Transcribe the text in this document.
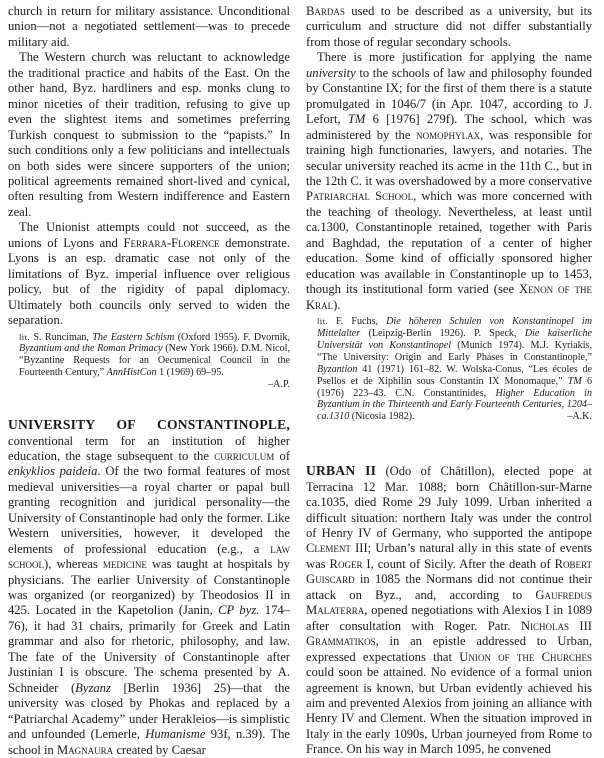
church in return for military assistance. Unconditional union—not a negotiated settlement—was to precede military aid.

The Western church was reluctant to acknowledge the traditional practice and habits of the East. On the other hand, Byz. hardliners and esp. monks clung to minor niceties of their tradition, refusing to give up even the slightest items and sometimes preferring Turkish conquest to submission to the “papists.” In such conditions only a few politicians and intellectuals on both sides were sincere supporters of the union; political agreements remained short-lived and cynical, often resulting from Western indifference and Eastern zeal.

The Unionist attempts could not succeed, as the unions of Lyons and Ferrara-Florence demonstrate. Lyons is an esp. dramatic case not only of the limitations of Byz. imperial influence over religious policy, but of the rigidity of papal diplomacy. Ultimately both councils only served to widen the separation.

lit. S. Runciman, The Eastern Schism (Oxford 1955). F. Dvornik, Byzantium and the Roman Primacy (New York 1966). D.M. Nicol, “Byzantine Requests for an Oecumenical Council in the Fourteenth Century,” AnnHistCon 1 (1969) 69–95.

–A.P.

UNIVERSITY OF CONSTANTINOPLE, conventional term for an institution of higher education, the stage subsequent to the curriculum of enkyklios paideia. Of the two formal features of most medieval universities—a royal charter or papal bull granting recognition and juridical personality—the University of Constantinople had only the former. Like Western universities, however, it developed the elements of professional education (e.g., a law school), whereas medicine was taught at hospitals by physicians. The earlier University of Constantinople was organized (or reorganized) by Theodosios II in 425. Located in the Kapetolion (Janin, CP byz. 174–76), it had 31 chairs, primarily for Greek and Latin grammar and also for rhetoric, philosophy, and law. The fate of the University of Constantinople after Justinian I is obscure. The schema presented by A. Schneider (Byzanz [Berlin 1936] 25)—that the university was closed by Phokas and replaced by a “Patriarchal Academy” under Herakleios—is simplistic and unfounded (Lemerle, Humanisme 93f, n.39). The school in Magnaura created by Caesar

Bardas used to be described as a university, but its curriculum and structure did not differ substantially from those of regular secondary schools.

There is more justification for applying the name university to the schools of law and philosophy founded by Constantine IX; for the first of them there is a statute promulgated in 1046/7 (in Apr. 1047, according to J. Lefort, TM 6 [1976] 279f). The school, which was administered by the nomophylax, was responsible for training high functionaries, lawyers, and notaries. The secular university reached its acme in the 11th C., but in the 12th C. it was overshadowed by a more conservative Patriarchal School, which was more concerned with the teaching of theology. Nevertheless, at least until ca.1300, Constantinople retained, together with Paris and Baghdad, the reputation of a center of higher education. Some kind of officially sponsored higher education was available in Constantinople up to 1453, though its institutional form varied (see Xenon of the Kral).

lit. F. Fuchs, Die höheren Schulen von Konstantinopel im Mittelalter (Leipzig-Berlin 1926). P. Speck, Die kaiserliche Universität von Konstantinopel (Munich 1974). M.J. Kyriakis, “The University: Origin and Early Phases in Constantinople,” Byzantion 41 (1971) 161–82. W. Wolska-Conus, “Les écoles de Psellos et de Xiphilin sous Constantin IX Monomaque,” TM 6 (1976) 223–43. C.N. Constantinides, Higher Education in Byzantium in the Thirteenth and Early Fourteenth Centuries, 1204–ca.1310 (Nicosia 1982).	–A.K.

URBAN II (Odo of Châtillon), elected pope at Terracina 12 Mar. 1088; born Châtillon-sur-Marne ca.1035, died Rome 29 July 1099. Urban inherited a difficult situation: northern Italy was under the control of Henry IV of Germany, who supported the antipope Clement III; Urban’s natural ally in this state of events was Roger I, count of Sicily. After the death of Robert Guiscard in 1085 the Normans did not continue their attack on Byz., and, according to Gaufredus Malaterra, opened negotiations with Alexios I in 1089 after consultation with Roger. Patr. Nicholas III Grammatikos, in an epistle addressed to Urban, expressed expectations that Union of the Churches could soon be attained. No evidence of a formal union agreement is known, but Urban evidently achieved his aim and prevented Alexios from joining an alliance with Henry IV and Clement. When the situation improved in Italy in the early 1090s, Urban journeyed from Rome to France. On his way in March 1095, he convened
